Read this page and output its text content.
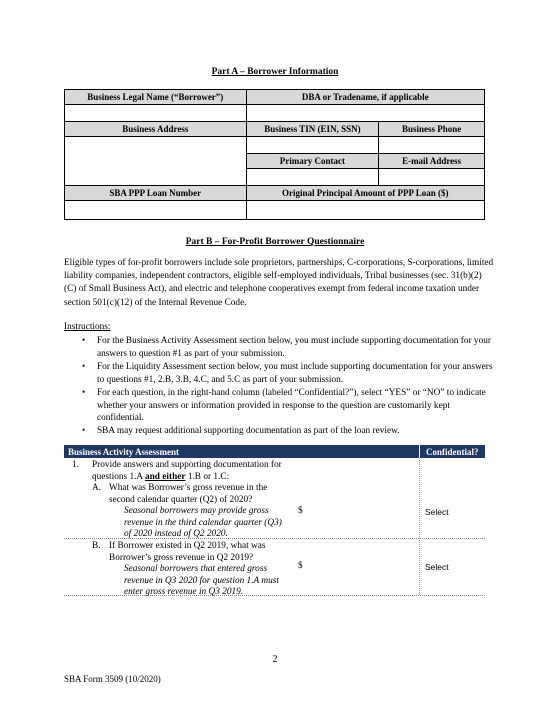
Part A – Borrower Information
Business Legal Name (“Borrower”)	DBA or Tradename, if applicable	

Business Address	Business TIN (EIN, SSN)	Business Phone

	Primary Contact	E-mail Address

SBA PPP Loan Number	Original Principal Amount of PPP Loan ($)	

Part B – For-Profit Borrower Questionnaire
Eligible types of for-profit borrowers include sole proprietors, partnerships, C-corporations, S-corporations, limited liability companies, independent contractors, eligible self-employed individuals, Tribal businesses (sec. 31(b)(2)(C) of Small Business Act), and electric and telephone cooperatives exempt from federal income taxation under section 501(c)(12) of the Internal Revenue Code.
Instructions:
• For the Business Activity Assessment section below, you must include supporting documentation for your answers to question #1 as part of your submission.
• For the Liquidity Assessment section below, you must include supporting documentation for your answers to questions #1, 2.B, 3.B, 4.C, and 5.C as part of your submission.
• For each question, in the right-hand column (labeled “Confidential?”), select “YES” or “NO” to indicate whether your answers or information provided in response to the question are customarily kept confidential.
• SBA may request additional supporting documentation as part of the loan review.
Business Activity Assessment	Confidential?
1. Provide answers and supporting documentation for questions 1.A and either 1.B or 1.C:
A. What was Borrower’s gross revenue in the second calendar quarter (Q2) of 2020?
Seasonal borrowers may provide gross revenue in the third calendar quarter (Q3) of 2020 instead of Q2 2020.
$	Select
B. If Borrower existed in Q2 2019, what was Borrower’s gross revenue in Q2 2019?
Seasonal borrowers that entered gross revenue in Q3 2020 for question 1.A must enter gross revenue in Q3 2019.
$	Select
2
SBA Form 3509 (10/2020)
